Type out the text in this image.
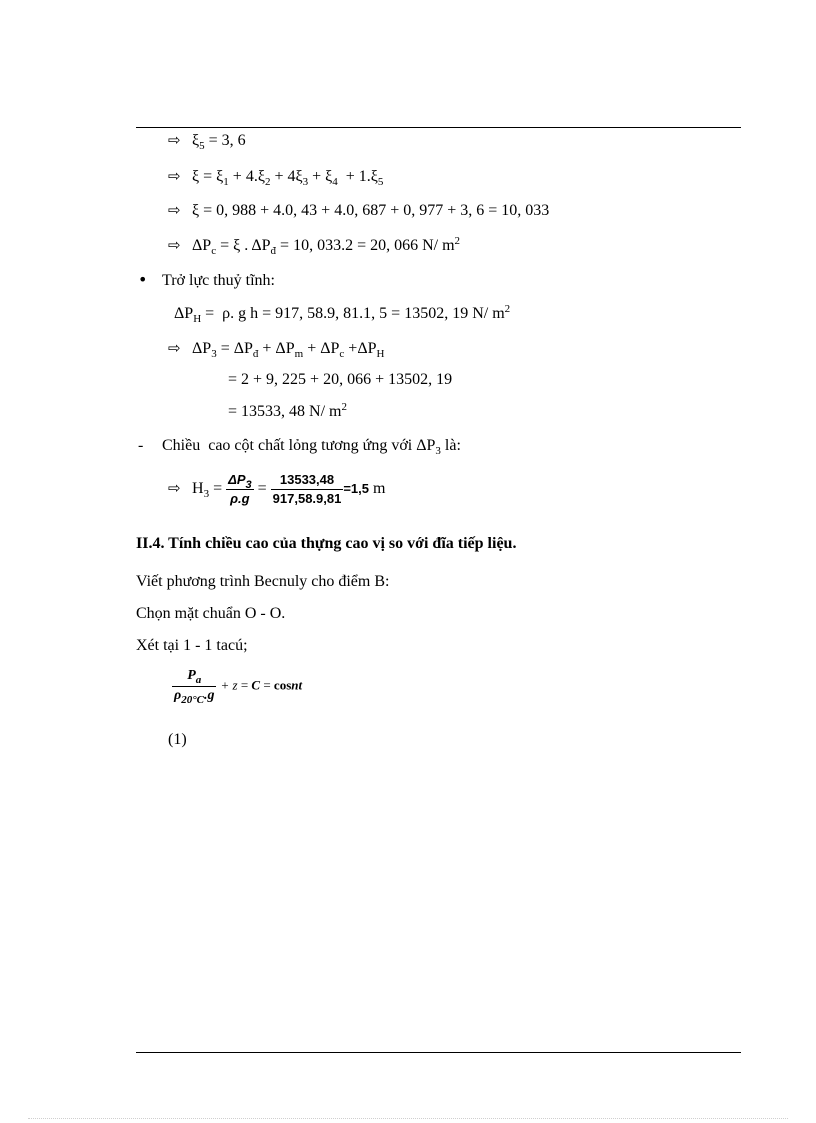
⇨ $\xi_5 = 3$, 6
⇨ $\xi = \xi_1 + 4.\xi_2 + 4\xi_3 + \xi_4 + 1.\xi_5$
⇨ ξ = 0, 988 + 4.0, 43 + 4.0, 687 + 0, 977 + 3, 6 = 10, 033
⇨ $\Delta P_c = \xi$ . $\Delta P_đ = 10$, 033.2 = 20, 066 N/ $m^2$
• Trở lực thuỷ tĩnh:
$\Delta P_H = \rho$. g h = 917, 58.9, 81.1, 5 = 13502, 19 N/ $m^2$
⇨ $\Delta P_3 = \Delta P_đ + \Delta P_m + \Delta P_c +\Delta P_H$
= 2 + 9, 225 + 20, 066 + 13502, 19
= 13533, 48 N/ $m^2$
- Chiều  cao cột chất lỏng tương ứng với $\Delta P_3$ là:
⇨ $H_3 = \frac{\Delta P_3}{\rho.g} = \frac{13533,48}{917,58.9,81} =1,5$ m
II.4. Tính chiều cao của thựng cao vị so với đĩa tiếp liệu.
Viết phương trình Becnuly cho điểm B:
Chọn mặt chuẩn O - O.
Xét tại 1 - 1 tacú;
$\frac{P_a}{\rho_{20^\circ C}.g} + z = C$ = cosnt
(1)
